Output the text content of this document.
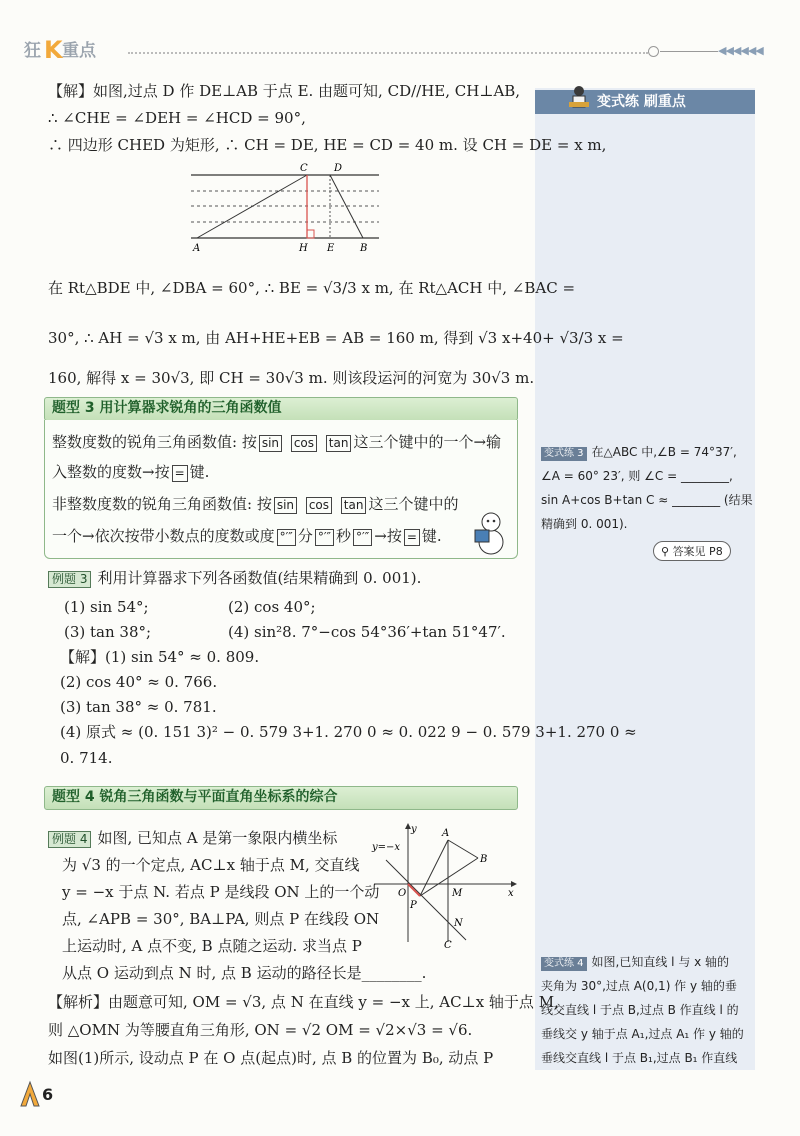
狂 K 重点	◀◀◀◀◀◀
变式练 刷重点
变式练 3 在△ABC 中,∠B = 74°37′,
∠A = 60° 23′, 则 ∠C = ________,
sin A+cos B+tan C ≈ ________ (结果
精确到 0. 001).
⚲ 答案见 P8
变式练 4 如图,已知直线 l 与 x 轴的
夹角为 30°,过点 A(0,1) 作 y 轴的垂
线交直线 l 于点 B,过点 B 作直线 l 的
垂线交 y 轴于点 A₁,过点 A₁ 作 y 轴的
垂线交直线 l 于点 B₁,过点 B₁ 作直线
【解】如图,过点 D 作 DE⊥AB 于点 E. 由题可知, CD//HE, CH⊥AB,
∴ ∠CHE = ∠DEH = ∠HCD = 90°,
∴ 四边形 CHED 为矩形, ∴ CH = DE, HE = CD = 40 m. 设 CH = DE = x m,
C	D
A	H E	B
在 Rt△BDE 中, ∠DBA = 60°, ∴ BE = √3/3 x m, 在 Rt△ACH 中, ∠BAC =
30°, ∴ AH = √3 x m, 由 AH+HE+EB = AB = 160 m, 得到 √3 x+40+ √3/3 x =
160, 解得 x = 30√3, 即 CH = 30√3 m. 则该段运河的河宽为 30√3 m.
题型 3 用计算器求锐角的三角函数值
整数度数的锐角三角函数值: 按 sin cos tan 这三个键中的一个→输
入整数的度数→按 = 键.
非整数度数的锐角三角函数值: 按 sin cos tan 这三个键中的
一个→依次按带小数点的度数或度 °′″ 分 °′″ 秒 °′″ →按 = 键.
例题 3 利用计算器求下列各函数值(结果精确到 0. 001).
(1) sin 54°;	(2) cos 40°;
(3) tan 38°;	(4) sin²8. 7°−cos 54°36′+tan 51°47′.
【解】(1) sin 54° ≈ 0. 809.
(2) cos 40° ≈ 0. 766.
(3) tan 38° ≈ 0. 781.
(4) 原式 ≈ (0. 151 3)² − 0. 579 3+1. 270 0 ≈ 0. 022 9 − 0. 579 3+1. 270 0 ≈
0. 714.
题型 4 锐角三角函数与平面直角坐标系的综合
例题 4 如图, 已知点 A 是第一象限内横坐标
为 √3 的一个定点, AC⊥x 轴于点 M, 交直线
y = −x 于点 N. 若点 P 是线段 ON 上的一个动
点, ∠APB = 30°, BA⊥PA, 则点 P 在线段 ON
上运动时, A 点不变, B 点随之运动. 求当点 P
从点 O 运动到点 N 时, 点 B 运动的路径长是________.
y=−x
y
x
O
A
B
M
P
N
C
【解析】由题意可知, OM = √3, 点 N 在直线 y = −x 上, AC⊥x 轴于点 M,
则 △OMN 为等腰直角三角形, ON = √2 OM = √2×√3 = √6.
如图(1)所示, 设动点 P 在 O 点(起点)时, 点 B 的位置为 B₀, 动点 P
6
